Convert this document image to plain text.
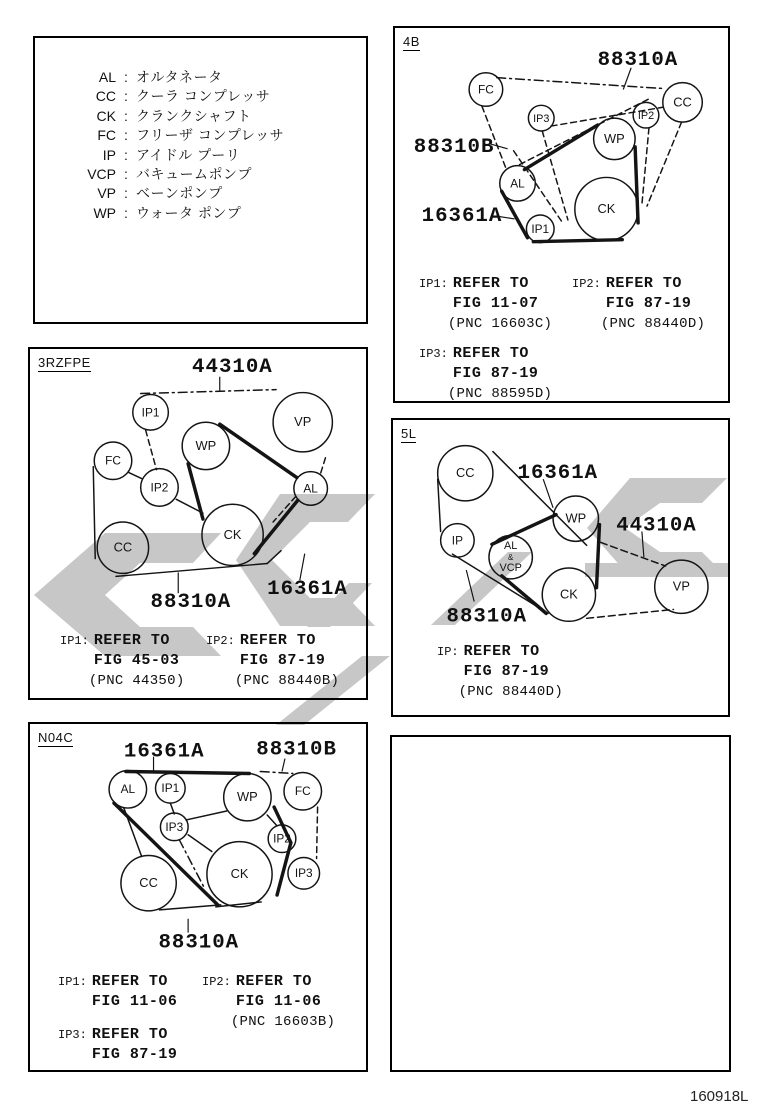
AL : オルタネータ
CC : クーラ コンプレッサ
CK : クランクシャフト
FC : フリーザ コンプレッサ
IP : アイドル プーリ
VCP : バキュームポンプ
VP : ベーンポンプ
WP : ウォータ ポンプ
4B
FC
IP3	IP2
CC
WP
AL
CK
IP1
88310A
88310B
16361A
IP1: REFER TO
FIG 11-07
(PNC 16603C)
IP2: REFER TO
FIG 87-19
(PNC 88440D)
IP3: REFER TO
FIG 87-19
(PNC 88595D)
3RZFPE
IP1
VP
WP
FC
IP2	AL
CK
CC
44310A
88310A
16361A
IP1: REFER TO
FIG 45-03
(PNC 44350)
IP2: REFER TO
FIG 87-19
(PNC 88440B)
5L
CC
IP	AL & VCP
WP
CK
VP
16361A
44310A
88310A
IP: REFER TO
FIG 87-19
(PNC 88440D)
N04C
AL IP1
WP	FC
IP3
IP2
IP3
CC
CK
16361A 88310B
88310A
IP1: REFER TO
FIG 11-06
IP2: REFER TO
FIG 11-06
(PNC 16603B)
IP3: REFER TO
FIG 87-19
160918L
